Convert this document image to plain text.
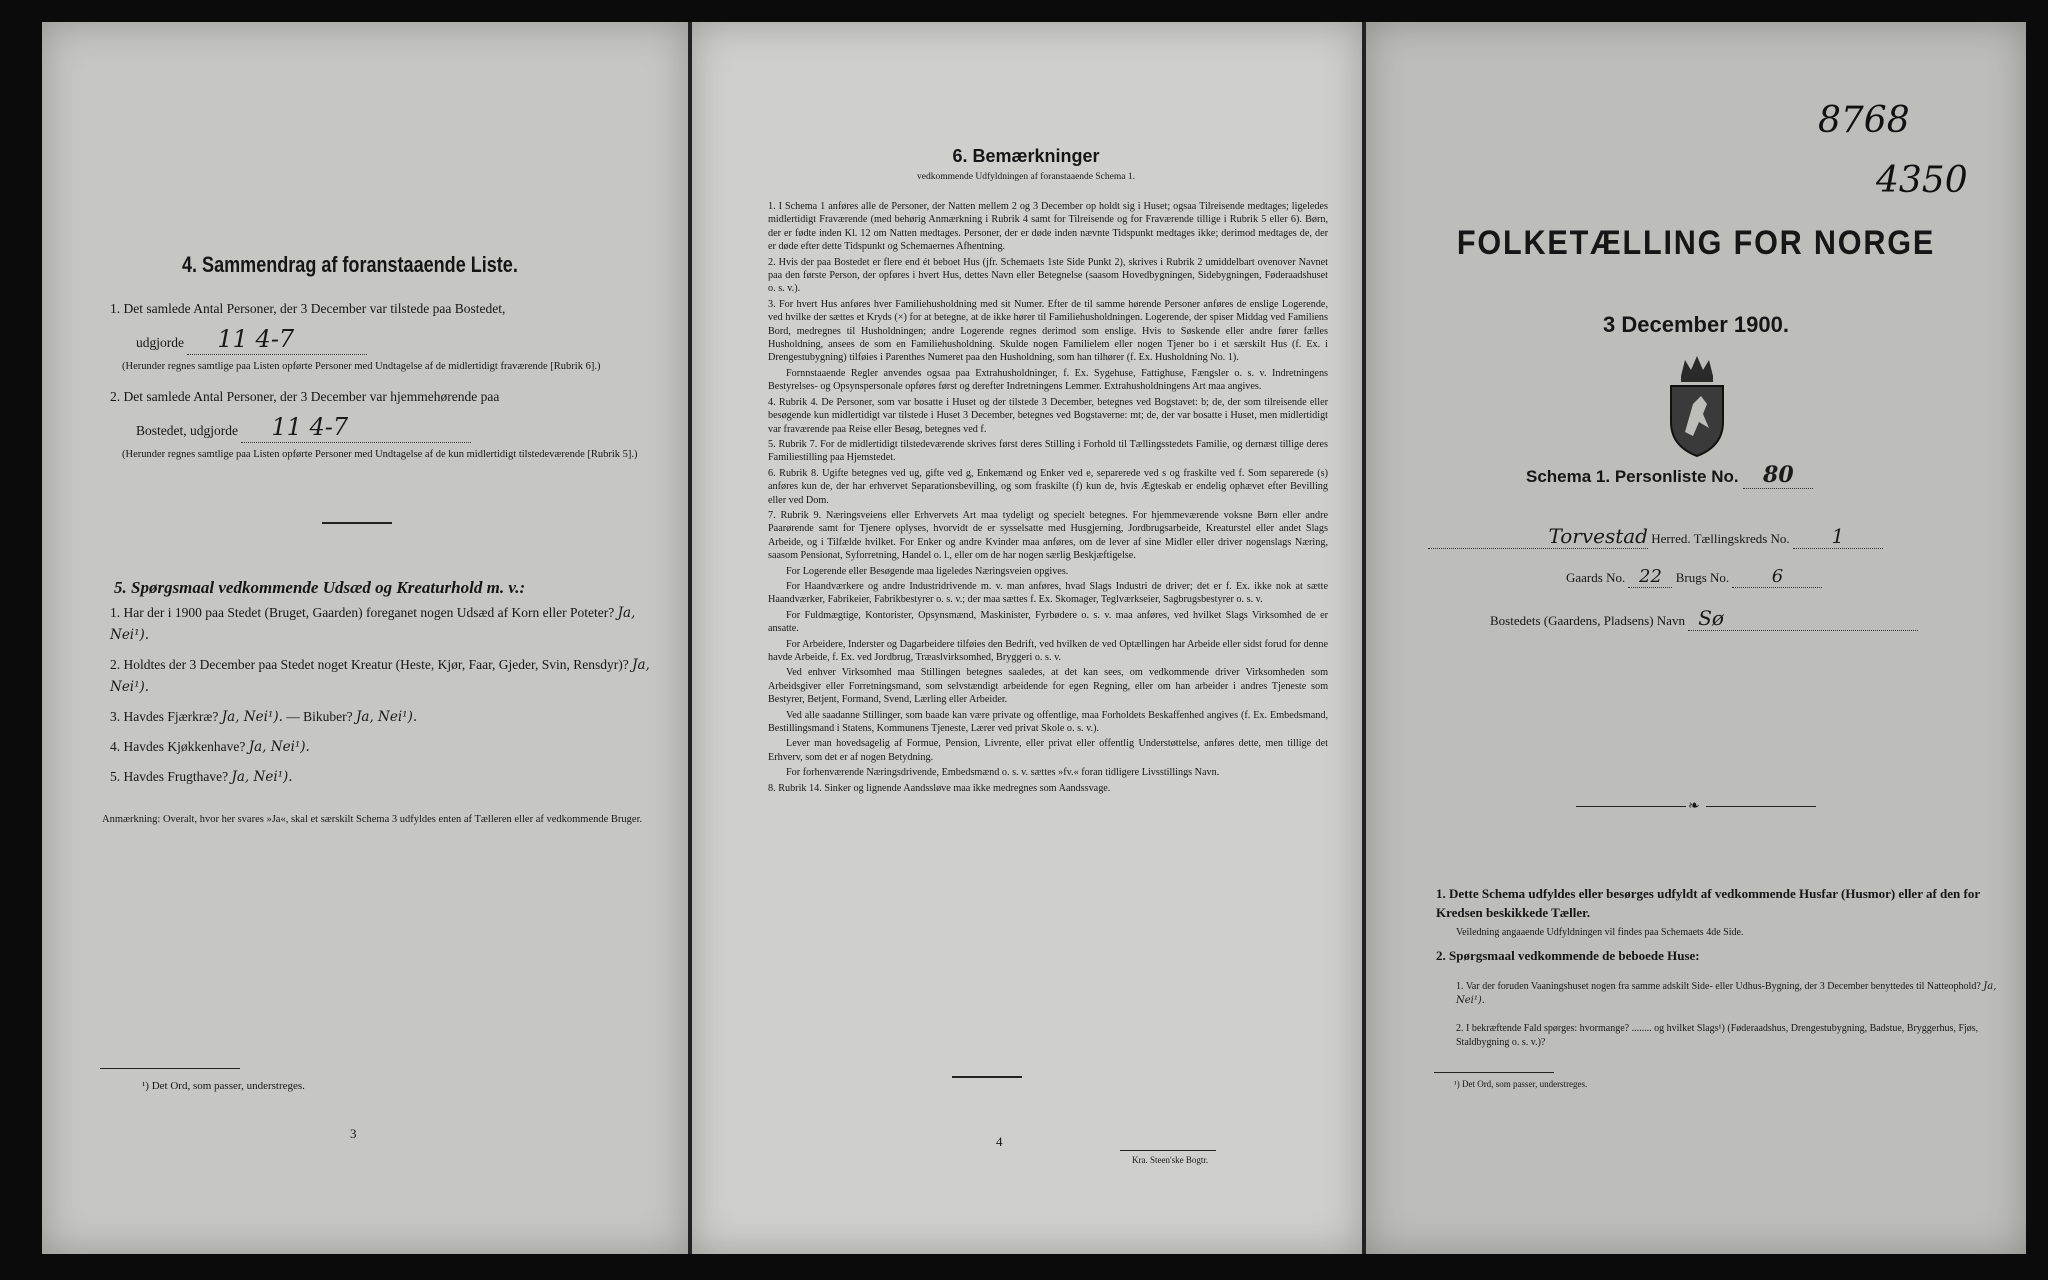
4. Sammendrag af foranstaaende Liste.
1. Det samlede Antal Personer, der 3 December var tilstede paa Bostedet,
udgjorde 11 4-7
(Herunder regnes samtlige paa Listen opførte Personer med Undtagelse af de midlertidigt fraværende [Rubrik 6].)
2. Det samlede Antal Personer, der 3 December var hjemmehørende paa
Bostedet, udgjorde 11 4-7
(Herunder regnes samtlige paa Listen opførte Personer med Undtagelse af de kun midlertidigt tilstedeværende [Rubrik 5].)
5. Spørgsmaal vedkommende Udsæd og Kreaturhold m. v.:
1. Har der i 1900 paa Stedet (Bruget, Gaarden) foreganet nogen Udsæd af Korn eller Poteter? Ja, Nei¹).
2. Holdtes der 3 December paa Stedet noget Kreatur (Heste, Kjør, Faar, Gjeder, Svin, Rensdyr)? Ja, Nei¹).
3. Havdes Fjærkræ? Ja, Nei¹). — Bikuber? Ja, Nei¹).
4. Havdes Kjøkkenhave? Ja, Nei¹).
5. Havdes Frugthave? Ja, Nei¹).
Anmærkning: Overalt, hvor her svares »Ja«, skal et særskilt Schema 3 udfyldes enten af Tælleren eller af vedkommende Bruger.
¹) Det Ord, som passer, understreges.
3
6. Bemærkninger
vedkommende Udfyldningen af foranstaaende Schema 1.

1. I Schema 1 anføres alle de Personer, der Natten mellem 2 og 3 December op holdt sig i Huset; ogsaa Tilreisende medtages; ligeledes midlertidigt Fraværende (med behørig Anmærkning i Rubrik 4 samt for Tilreisende og for Fraværende tillige i Rubrik 5 eller 6). Børn, der er fødte inden Kl. 12 om Natten medtages. Personer, der er døde inden nævnte Tidspunkt medtages ikke; derimod medtages de, der er døde efter dette Tidspunkt og Schemaernes Afhentning.

2. Hvis der paa Bostedet er flere end ét beboet Hus (jfr. Schemaets 1ste Side Punkt 2), skrives i Rubrik 2 umiddelbart ovenover Navnet paa den første Person, der opføres i hvert Hus, dettes Navn eller Betegnelse (saasom Hovedbygningen, Sidebygningen, Føderaadshuset o. s. v.).

3. For hvert Hus anføres hver Familiehusholdning med sit Numer. Efter de til samme hørende Personer anføres de enslige Logerende, ved hvilke der sættes et Kryds (×) for at betegne, at de ikke hører til Familiehusholdningen. Logerende, der spiser Middag ved Familiens Bord, medregnes til Husholdningen; andre Logerende regnes derimod som enslige. Hvis to Søskende eller andre fører fælles Husholdning, ansees de som en Familiehusholdning. Skulde nogen Familielem eller nogen Tjener bo i et særskilt Hus (f. Ex. i Drengestubygning) tilføies i Parenthes Numeret paa den Husholdning, som han tilhører (f. Ex. Husholdning No. 1).

Fornnstaaende Regler anvendes ogsaa paa Extrahusholdninger, f. Ex. Sygehuse, Fattighuse, Fængsler o. s. v. Indretningens Bestyrelses- og Opsynspersonale opføres først og derefter Indretningens Lemmer. Extrahusholdningens Art maa angives.

4. Rubrik 4. De Personer, som var bosatte i Huset og der tilstede 3 December, betegnes ved Bogstavet: b; de, der som tilreisende eller besøgende kun midlertidigt var tilstede i Huset 3 December, betegnes ved Bogstaverne: mt; de, der var bosatte i Huset, men midlertidigt var fraværende paa Reise eller Besøg, betegnes ved f.

5. Rubrik 7. For de midlertidigt tilstedeværende skrives først deres Stilling i Forhold til Tællingsstedets Familie, og dernæst tillige deres Familiestilling paa Hjemstedet.

6. Rubrik 8. Ugifte betegnes ved ug, gifte ved g, Enkemænd og Enker ved e, separerede ved s og fraskilte ved f. Som separerede (s) anføres kun de, der har erhvervet Separationsbevilling, og som fraskilte (f) kun de, hvis Ægteskab er endelig ophævet efter Bevilling eller ved Dom.

7. Rubrik 9. Næringsveiens eller Erhvervets Art maa tydeligt og specielt betegnes. For hjemmeværende voksne Børn eller andre Paarørende samt for Tjenere oplyses, hvorvidt de er sysselsatte med Husgjerning, Jordbrugsarbeide, Kreaturstel eller andet Slags Arbeide, og i Tilfælde hvilket. For Enker og andre Kvinder maa anføres, om de lever af sine Midler eller driver nogenslags Næring, saasom Pensionat, Syforretning, Handel o. l., eller om de har nogen særlig Beskjæftigelse.

For Logerende eller Besøgende maa ligeledes Næringsveien opgives.

For Haandværkere og andre Industridrivende m. v. man anføres, hvad Slags Industri de driver; det er f. Ex. ikke nok at sætte Haandværker, Fabrikeier, Fabrikbestyrer o. s. v.; der maa sættes f. Ex. Skomager, Teglværkseier, Sagbrugsbestyrer o. s. v.

For Fuldmægtige, Kontorister, Opsynsmænd, Maskinister, Fyrbødere o. s. v. maa anføres, ved hvilket Slags Virksomhed de er ansatte.

For Arbeidere, Inderster og Dagarbeidere tilføies den Bedrift, ved hvilken de ved Optællingen har Arbeide eller sidst forud for denne havde Arbeide, f. Ex. ved Jordbrug, Træaslvirksomhed, Bryggeri o. s. v.

Ved enhver Virksomhed maa Stillingen betegnes saaledes, at det kan sees, om vedkommende driver Virksomheden som Arbeidsgiver eller Forretningsmand, som selvstændigt arbeidende for egen Regning, eller om han arbeider i andres Tjeneste som Bestyrer, Betjent, Formand, Svend, Lærling eller Arbeider.

Ved alle saadanne Stillinger, som baade kan være private og offentlige, maa Forholdets Beskaffenhed angives (f. Ex. Embedsmand, Bestillingsmand i Statens, Kommunens Tjeneste, Lærer ved privat Skole o. s. v.).

Lever man hovedsagelig af Formue, Pension, Livrente, eller privat eller offentlig Understøttelse, anføres dette, men tillige det Erhverv, som det er af nogen Betydning.

For forhenværende Næringsdrivende, Embedsmænd o. s. v. sættes »fv.« foran tidligere Livsstillings Navn.

8. Rubrik 14. Sinker og lignende Aandssløve maa ikke medregnes som Aandssvage.

4
Kra. Steen'ske Bogtr.
8768
4350
FOLKETÆLLING FOR NORGE
3 December 1900.
Schema 1. Personliste No. 80
Torvestad Herred. Tællingskreds No. 1
Gaards No. 22 Brugs No. 6
Bostedets (Gaardens, Pladsens) Navn Sø
❧
1. Dette Schema udfyldes eller besørges udfyldt af vedkommende Husfar (Husmor) eller af den for Kredsen beskikkede Tæller.
Veiledning angaaende Udfyldningen vil findes paa Schemaets 4de Side.
2. Spørgsmaal vedkommende de beboede Huse:
1. Var der foruden Vaaningshuset nogen fra samme adskilt Side- eller Udhus-Bygning, der 3 December benyttedes til Natteophold? Ja, Nei¹).
2. I bekræftende Fald spørges: hvormange? ........ og hvilket Slags¹) (Føderaadshus, Drengestubygning, Badstue, Bryggerhus, Fjøs, Staldbygning o. s. v.)?
¹) Det Ord, som passer, understreges.
